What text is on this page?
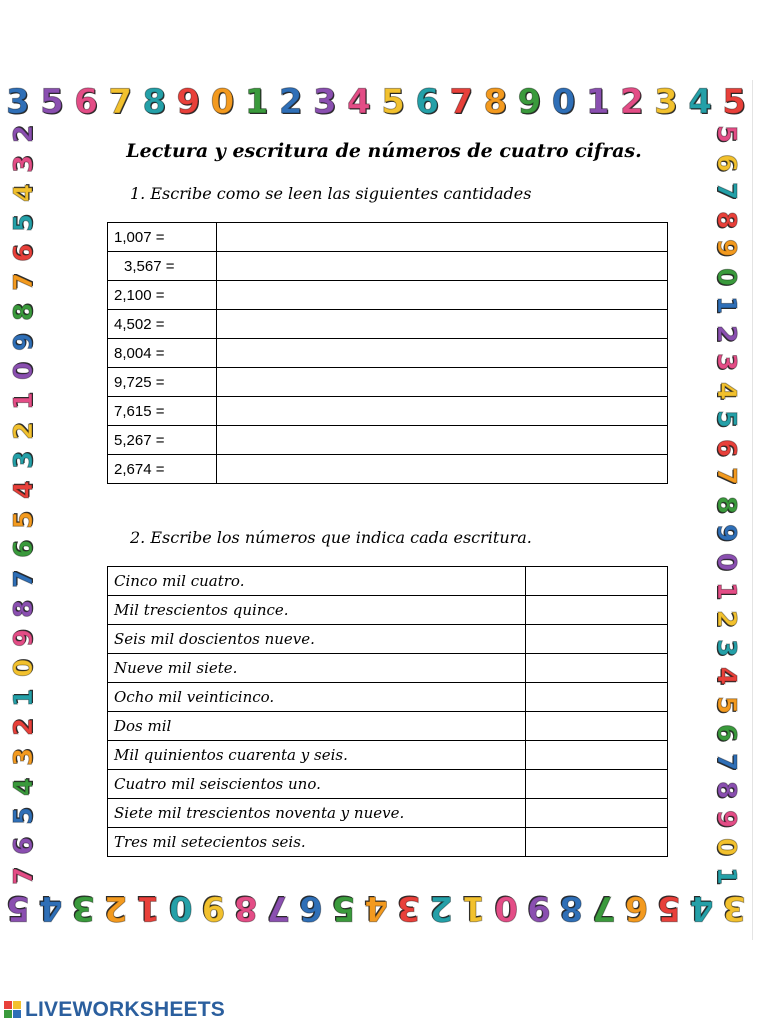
3 5 6 7 8 9 0 1 2 3 4 5 6 7 8 9 0 1 2 3 4 5
3
4
5
6
7
8
9
0
1
2
3
4
5
6
7
8
9
0
1
2
3
4
5
2
3
4
5
6
7
8
9
0
1
2
3
4
5
6
7
8
9
0
1
2
3
4
5
6
7
5
6
7
8
9
0
1
2
3
4
5
6
7
8
9
0
1
2
3
4
5
6
7
8
9
0
1
Lectura y escritura de números de cuatro cifras.
1. Escribe como se leen las siguientes cantidades
1,007 =	
3,567 =	
2,100 =	
4,502 =	
8,004 =	
9,725 =	
7,615 =	
5,267 =	
2,674 =	
2. Escribe los números que indica cada escritura.
Cinco mil cuatro.	
Mil trescientos quince.	
Seis mil doscientos nueve.	
Nueve mil siete.	
Ocho mil veinticinco.	
Dos mil	
Mil quinientos cuarenta y seis.	
Cuatro mil seiscientos uno.	
Siete mil trescientos noventa y nueve.	
Tres mil setecientos seis.	
LIVEWORKSHEETS
